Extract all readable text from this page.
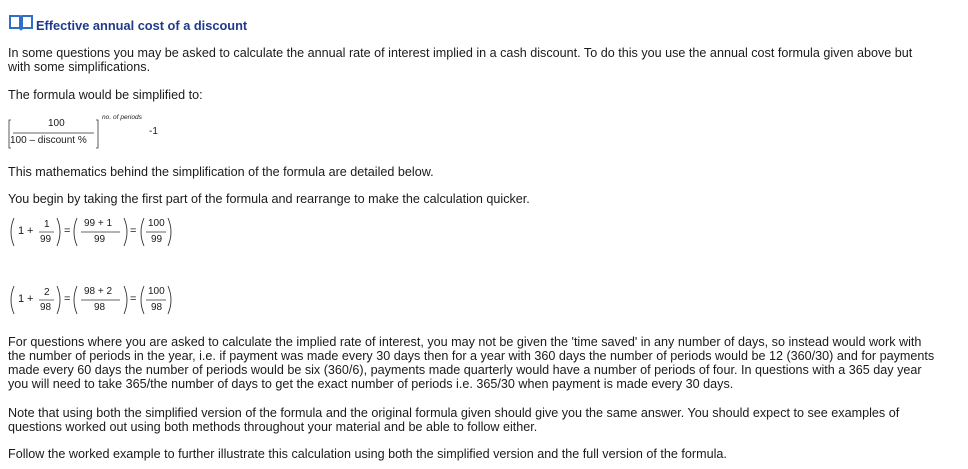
Effective annual cost of a discount

In some questions you may be asked to calculate the annual rate of interest implied in a cash discount. To do this you use the annual cost formula given above but with some simplifications.

The formula would be simplified to:

100
100 – discount %
no. of periods
-1

This mathematics behind the simplification of the formula are detailed below.

You begin by taking the first part of the formula and rearrange to make the calculation quicker.

1 +
1
99
=
99 + 1
99
=
100
99
1 +
2
98
=
98 + 2
98
=
100
98

For questions where you are asked to calculate the implied rate of interest, you may not be given the 'time saved' in any number of days, so instead would work with the number of periods in the year, i.e. if payment was made every 30 days then for a year with 360 days the number of periods would be 12 (360/30) and for payments made every 60 days the number of periods would be six (360/6), payments made quarterly would have a number of periods of four. In questions with a 365 day year you will need to take 365/the number of days to get the exact number of periods i.e. 365/30 when payment is made every 30 days.

Note that using both the simplified version of the formula and the original formula given should give you the same answer. You should expect to see examples of questions worked out using both methods throughout your material and be able to follow either.

Follow the worked example to further illustrate this calculation using both the simplified version and the full version of the formula.
